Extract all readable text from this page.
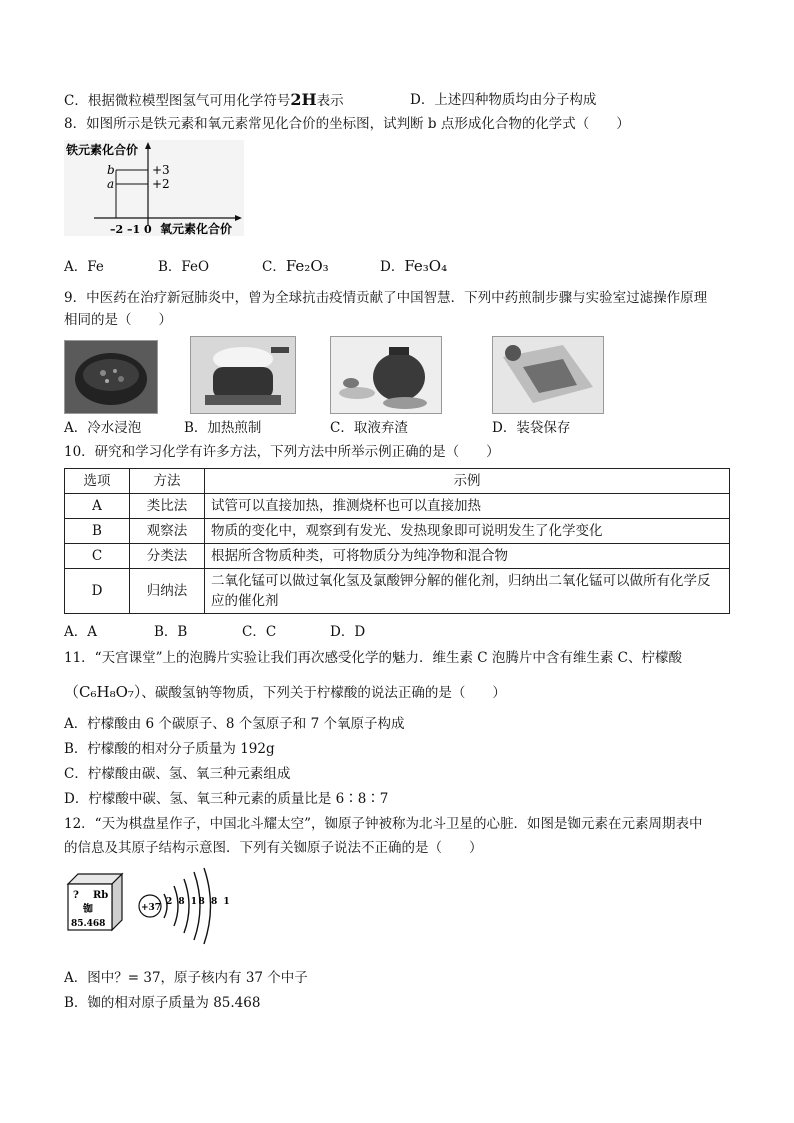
C．根据微粒模型图氢气可用化学符号2H表示	D．上述四种物质均由分子构成
8．如图所示是铁元素和氧元素常见化合价的坐标图，试判断 b 点形成化合物的化学式（　　）
铁元素化合价
b
a
+3
+2
–2 –1 0 氧元素化合价
A．Fe	B．FeO	C．Fe₂O₃	D．Fe₃O₄
9．中医药在治疗新冠肺炎中，曾为全球抗击疫情贡献了中国智慧．下列中药煎制步骤与实验室过滤操作原理
相同的是（　　）
A．冷水浸泡	B．加热煎制	C．取液弃渣	D．装袋保存
10．研究和学习化学有许多方法，下列方法中所举示例正确的是（　　）
选项	方法	示例
A	类比法	试管可以直接加热，推测烧杯也可以直接加热
B	观察法	物质的变化中，观察到有发光、发热现象即可说明发生了化学变化
C	分类法	根据所含物质种类，可将物质分为纯净物和混合物
D	归纳法	二氧化锰可以做过氧化氢及氯酸钾分解的催化剂，归纳出二氧化锰可以做所有化学反
应的催化剂
A．A	B．B	C．C	D．D
11．“天宫课堂”上的泡腾片实验让我们再次感受化学的魅力．维生素 C 泡腾片中含有维生素 C、柠檬酸
（C₆H₈O₇）、碳酸氢钠等物质，下列关于柠檬酸的说法正确的是（　　）
A．柠檬酸由 6 个碳原子、8 个氢原子和 7 个氧原子构成
B．柠檬酸的相对分子质量为 192g
C．柠檬酸由碳、氢、氧三种元素组成
D．柠檬酸中碳、氢、氧三种元素的质量比是 6∶8∶7
12．“天为棋盘星作子，中国北斗耀太空”，铷原子钟被称为北斗卫星的心脏．如图是铷元素在元素周期表中
的信息及其原子结构示意图．下列有关铷原子说法不正确的是（　　）
? Rb
铷
85.468
+37
2 8 18 8 1
A．图中？= 37，原子核内有 37 个中子
B．铷的相对原子质量为 85.468
